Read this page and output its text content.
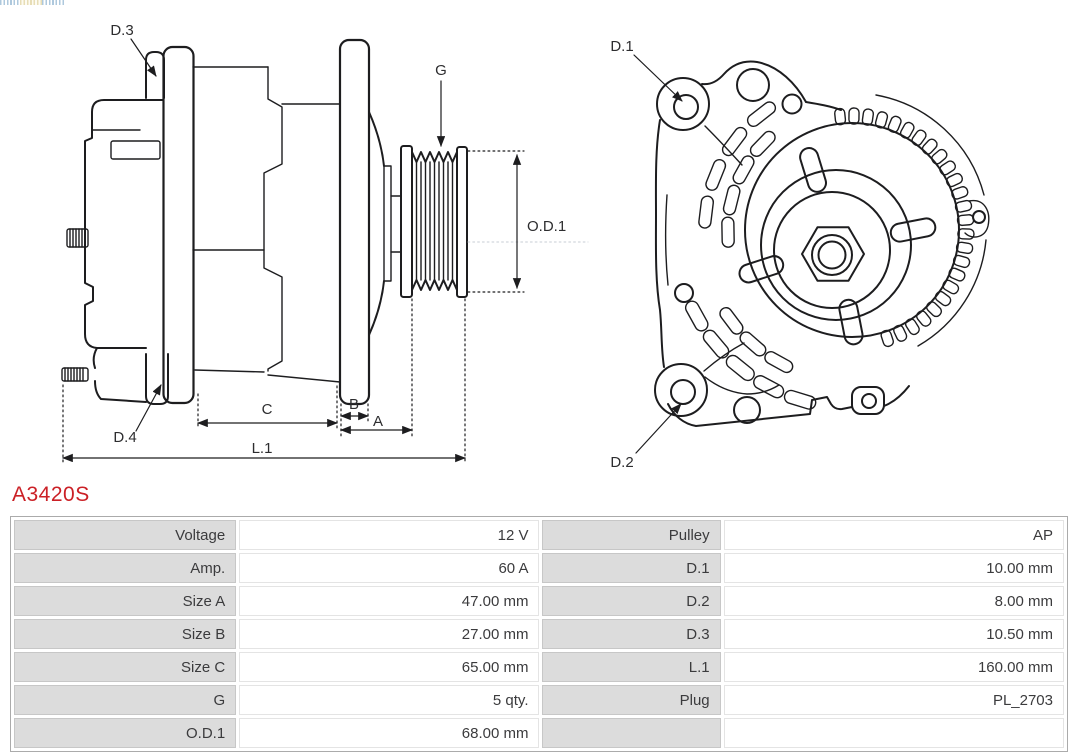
D.3
G
O.D.1
D.4
C	B
A
L.1
D.1
D.2
A3420S
Voltage	12 V	Pulley	AP
Amp.	60 A	D.1	10.00 mm
Size A	47.00 mm	D.2	8.00 mm
Size B	27.00 mm	D.3	10.50 mm
Size C	65.00 mm	L.1	160.00 mm
G	5 qty.	Plug	PL_2703
O.D.1	68.00 mm		
